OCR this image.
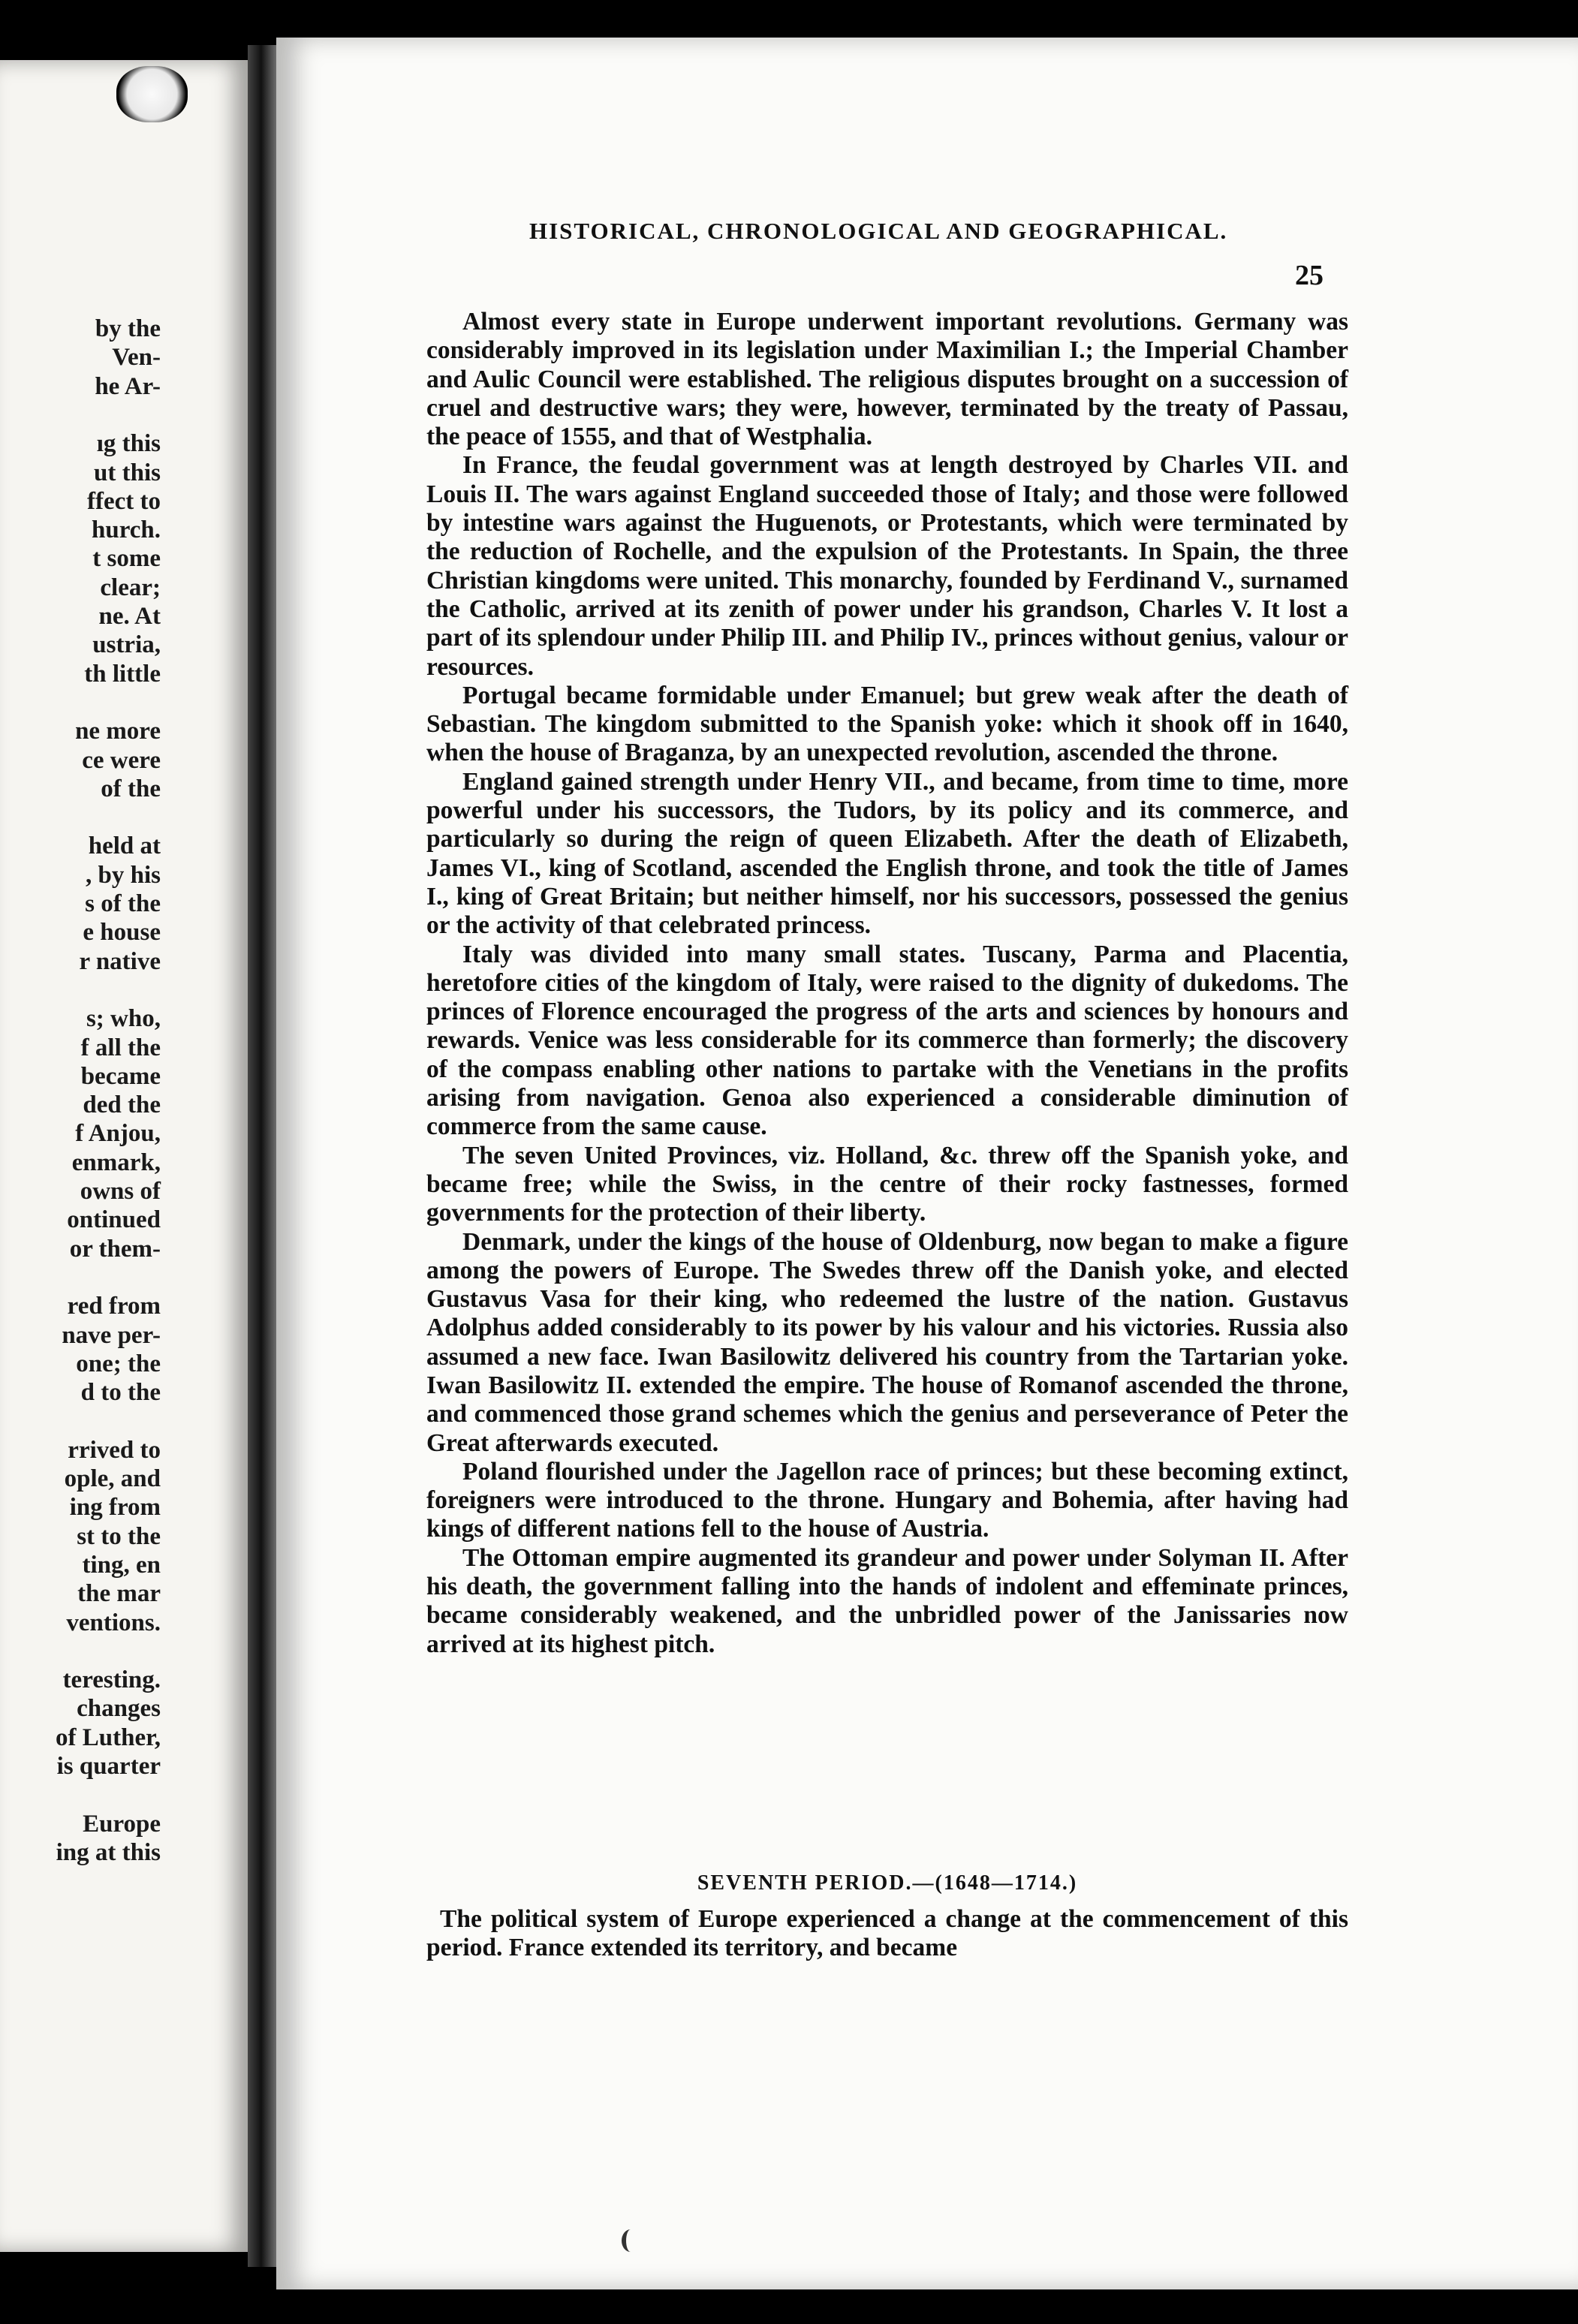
by the
Ven-
he Ar-
ıg this
ut this
ffect to
hurch.
t some
clear;
ne. At
ustria,
th little
ne more
ce were
of the
held at
, by his
s of the
e house
r native
s; who,
f all the
became
ded the
f Anjou,
enmark,
owns of
ontinued
or them-
red from
nave per-
one; the
d to the
rrived to
ople, and
ing from
st to the
ting, en
the mar
ventions.
teresting.
changes
of Luther,
is quarter
Europe
ing at this
HISTORICAL, CHRONOLOGICAL AND GEOGRAPHICAL.
25

Almost every state in Europe underwent important revolutions. Germany was considerably improved in its legislation under Maximilian I.; the Imperial Chamber and Aulic Council were established. The religious disputes brought on a succession of cruel and destructive wars; they were, however, terminated by the treaty of Passau, the peace of 1555, and that of Westphalia.

In France, the feudal government was at length destroyed by Charles VII. and Louis II. The wars against England succeeded those of Italy; and those were followed by intestine wars against the Huguenots, or Protestants, which were terminated by the reduction of Rochelle, and the expulsion of the Protestants. In Spain, the three Christian kingdoms were united. This monarchy, founded by Ferdinand V., surnamed the Catholic, arrived at its zenith of power under his grandson, Charles V. It lost a part of its splendour under Philip III. and Philip IV., princes without genius, valour or resources.

Portugal became formidable under Emanuel; but grew weak after the death of Sebastian. The kingdom submitted to the Spanish yoke: which it shook off in 1640, when the house of Braganza, by an unexpected revolution, ascended the throne.

England gained strength under Henry VII., and became, from time to time, more powerful under his successors, the Tudors, by its policy and its commerce, and particularly so during the reign of queen Elizabeth. After the death of Elizabeth, James VI., king of Scotland, ascended the English throne, and took the title of James I., king of Great Britain; but neither himself, nor his successors, possessed the genius or the activity of that celebrated princess.

Italy was divided into many small states. Tuscany, Parma and Placentia, heretofore cities of the kingdom of Italy, were raised to the dignity of dukedoms. The princes of Florence encouraged the progress of the arts and sciences by honours and rewards. Venice was less considerable for its commerce than formerly; the discovery of the compass enabling other nations to partake with the Venetians in the profits arising from navigation. Genoa also experienced a considerable diminution of commerce from the same cause.

The seven United Provinces, viz. Holland, &c. threw off the Spanish yoke, and became free; while the Swiss, in the centre of their rocky fastnesses, formed governments for the protection of their liberty.

Denmark, under the kings of the house of Oldenburg, now began to make a figure among the powers of Europe. The Swedes threw off the Danish yoke, and elected Gustavus Vasa for their king, who redeemed the lustre of the nation. Gustavus Adolphus added considerably to its power by his valour and his victories. Russia also assumed a new face. Iwan Basilowitz delivered his country from the Tartarian yoke. Iwan Basilowitz II. extended the empire. The house of Romanof ascended the throne, and commenced those grand schemes which the genius and perseverance of Peter the Great afterwards executed.

Poland flourished under the Jagellon race of princes; but these becoming extinct, foreigners were introduced to the throne. Hungary and Bohemia, after having had kings of different nations fell to the house of Austria.

The Ottoman empire augmented its grandeur and power under Solyman II. After his death, the government falling into the hands of indolent and effeminate princes, became considerably weakened, and the unbridled power of the Janissaries now arrived at its highest pitch.

SEVENTH PERIOD.—(1648—1714.)

The political system of Europe experienced a change at the commencement of this period. France extended its territory, and became
